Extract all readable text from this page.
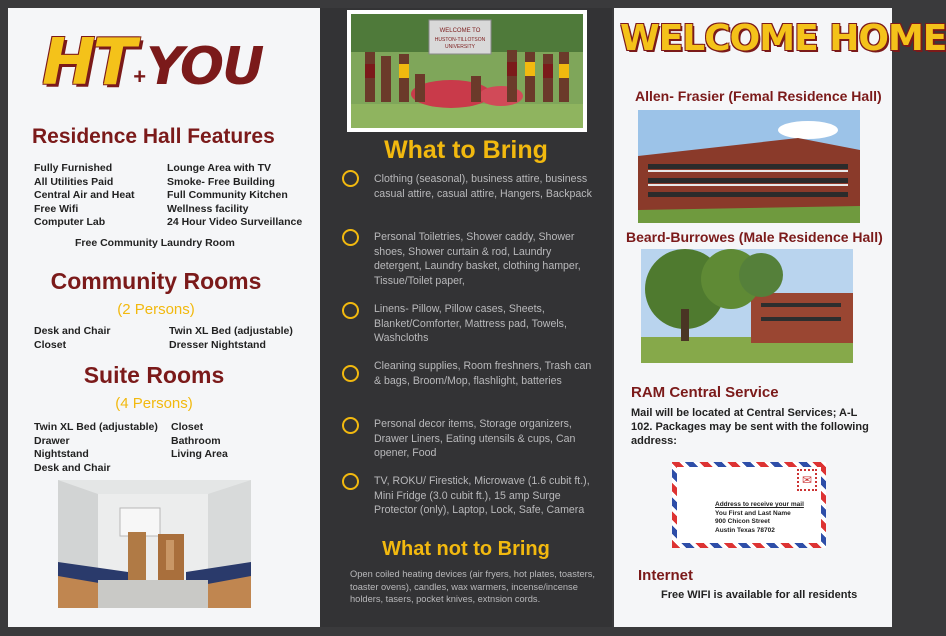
HT+YOU
Residence Hall Features
Fully Furnished
All Utilities Paid
Central Air and Heat
Free Wifi
Computer Lab
Lounge Area with TV
Smoke- Free Building
Full Community Kitchen
Wellness facility
24 Hour Video Surveillance
Free Community Laundry Room
Community Rooms
(2 Persons)
Desk and Chair
Closet
Twin XL Bed (adjustable)
Dresser Nightstand
Suite Rooms
(4 Persons)
Twin XL Bed (adjustable)
Drawer
Nightstand
Desk and Chair
Closet
Bathroom
Living Area
WELCOME TO
HUSTON-TILLOTSON
UNIVERSITY
What to Bring
Clothing (seasonal), business attire, business casual attire, casual attire, Hangers, Backpack
Personal Toiletries, Shower caddy, Shower shoes, Shower curtain & rod, Laundry detergent, Laundry basket, clothing hamper, Tissue/Toilet paper,
Linens- Pillow, Pillow cases, Sheets, Blanket/Comforter, Mattress pad, Towels, Washcloths
Cleaning supplies, Room freshners, Trash can & bags, Broom/Mop, flashlight, batteries
Personal decor items, Storage organizers, Drawer Liners, Eating utensils & cups, Can opener, Food
TV, ROKU/ Firestick, Microwave (1.6 cubit ft.), Mini Fridge (3.0 cubit ft.), 15 amp Surge Protector (only), Laptop, Lock, Safe, Camera
What not to Bring
Open coiled heating devices (air fryers, hot plates, toasters, toaster ovens), candles, wax warmers, incense/incense holders, tasers, pocket knives, extnsion cords.
WELCOME HOME
Allen- Frasier (Femal Residence Hall)
Beard-Burrowes (Male Residence Hall)
RAM Central Service
Mail will be located at Central Services; A-L 102. Packages may be sent with the following address:
✉
Address to receive your mail
You First and Last Name
900 Chicon Street
Austin Texas 78702
Internet
Free WIFI is available for all residents
